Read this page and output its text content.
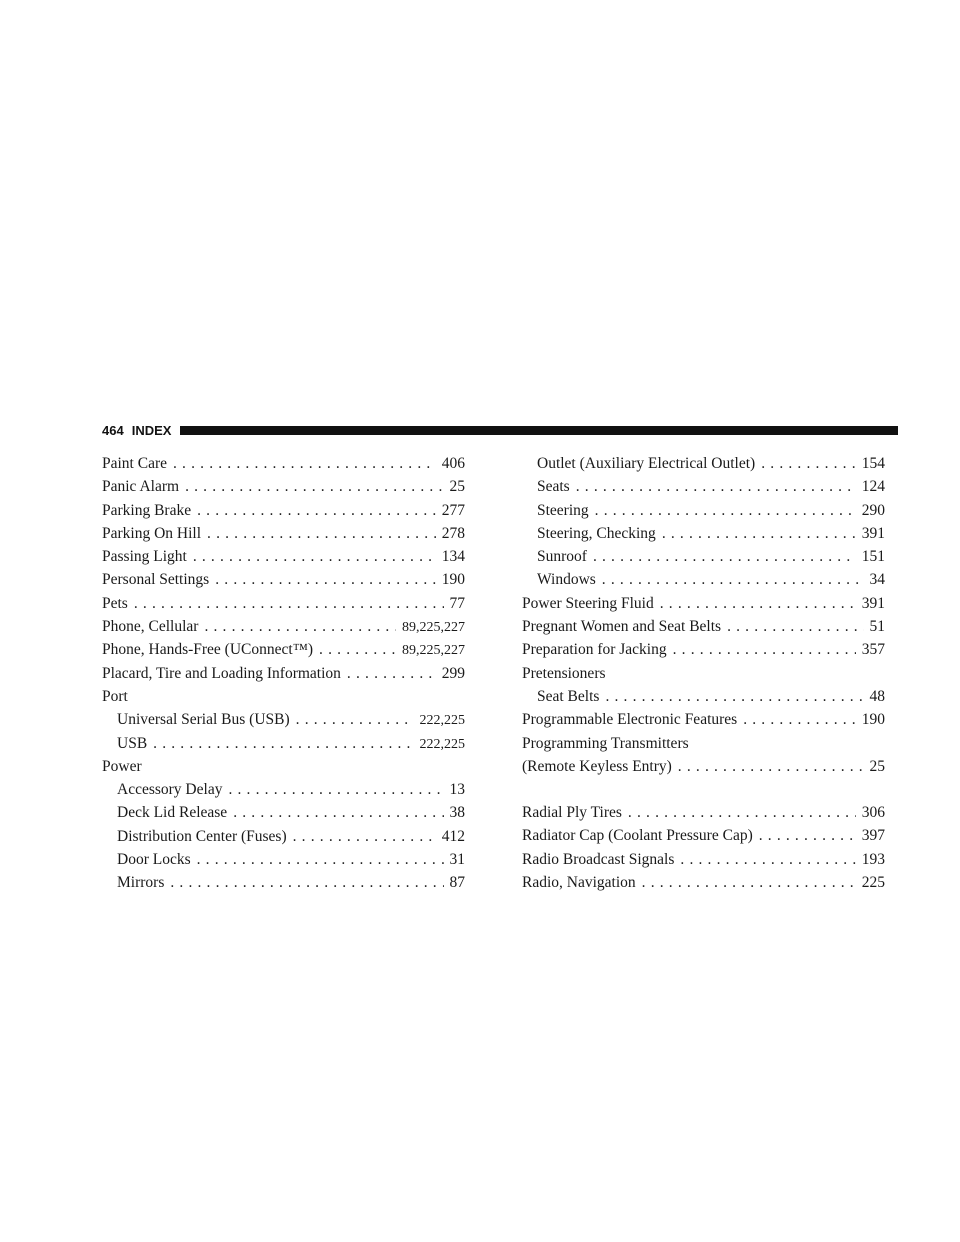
464 INDEX
Paint Care . . .	406
Panic Alarm . . .	25
Parking Brake . . .	277
Parking On Hill . . .	278
Passing Light . . .	134
Personal Settings . . .	190
Pets . . .	77
Phone, Cellular . . .	89,225,227
Phone, Hands-Free (UConnect™) . . .	89,225,227
Placard, Tire and Loading Information . . .	299
Port
Universal Serial Bus (USB) . . .	222,225
USB . . .	222,225
Power
Accessory Delay . . .	13
Deck Lid Release . . .	38
Distribution Center (Fuses) . . .	412
Door Locks . . .	31
Mirrors . . .	87
Outlet (Auxiliary Electrical Outlet) . . .	154
Seats . . .	124
Steering . . .	290
Steering, Checking . . .	391
Sunroof . . .	151
Windows . . .	34
Power Steering Fluid . . .	391
Pregnant Women and Seat Belts . . .	51
Preparation for Jacking . . .	357
Pretensioners
Seat Belts . . .	48
Programmable Electronic Features . . .	190
Programming Transmitters
(Remote Keyless Entry) . . .	25
Radial Ply Tires . . .	306
Radiator Cap (Coolant Pressure Cap) . . .	397
Radio Broadcast Signals . . .	193
Radio, Navigation . . .	225
